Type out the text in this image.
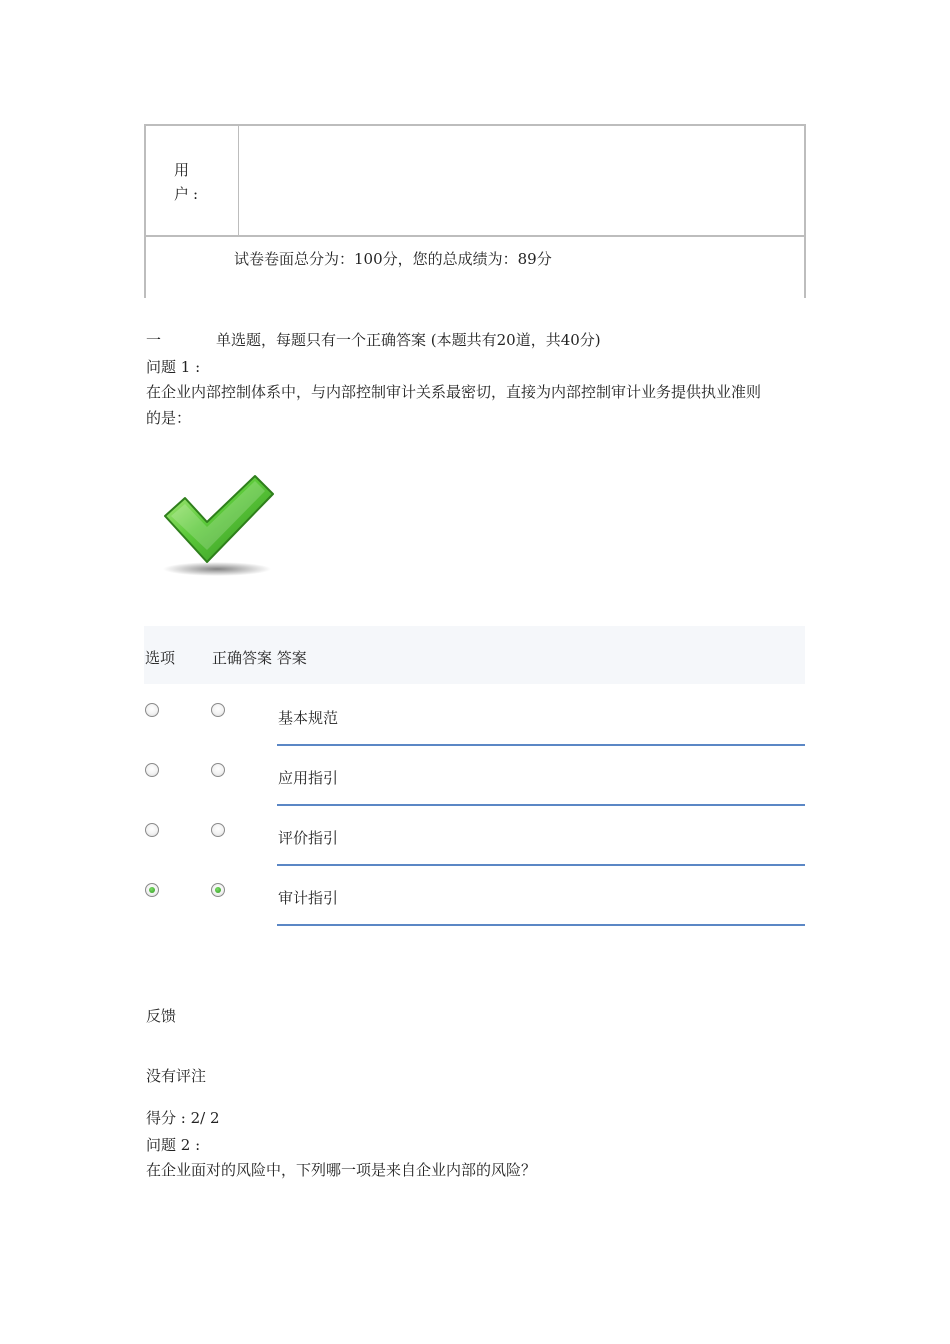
用户:
试卷卷面总分为：100分，您的总成绩为：89分
一	单选题，每题只有一个正确答案 (本题共有20道，共40分)
问题 1 :
在企业内部控制体系中，与内部控制审计关系最密切，直接为内部控制审计业务提供执业准则
的是：
选项 正确答案 答案
基本规范
应用指引
评价指引
审计指引
反馈
没有评注
得分 : 2/ 2
问题 2 :
在企业面对的风险中，下列哪一项是来自企业内部的风险？
